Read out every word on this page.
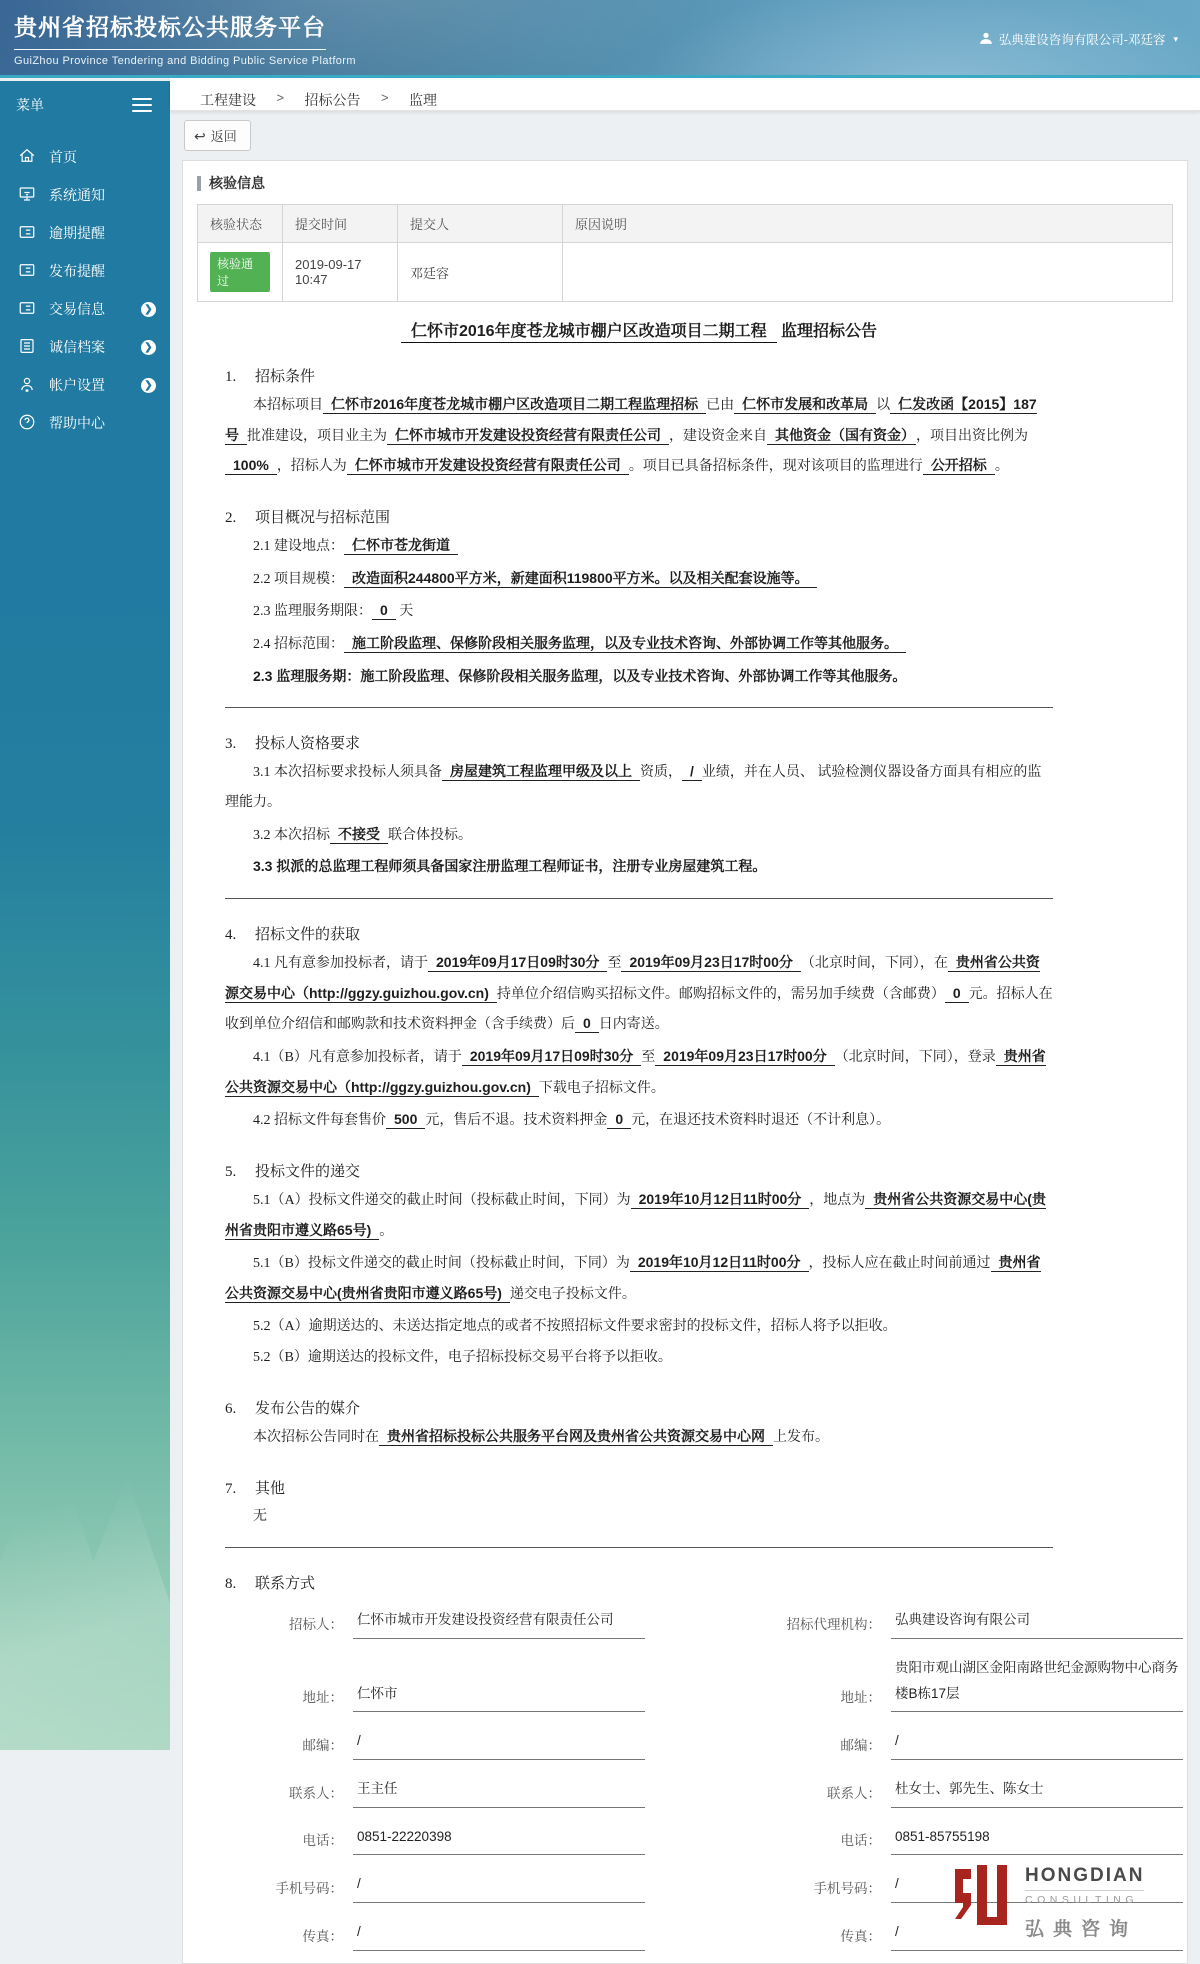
贵州省招标投标公共服务平台
GuiZhou Province Tendering and Bidding Public Service Platform
弘典建设咨询有限公司-邓廷容 ▾
菜单
首页
系统通知
逾期提醒
发布提醒
交易信息	❯
诚信档案	❯
帐户设置	❯
帮助中心
工程建设 > 招标公告 > 监理
↩ 返回
核验信息
核验状态	提交时间	提交人	原因说明
核验通过	2019-09-17 10:47	邓廷容	
仁怀市2016年度苍龙城市棚户区改造项目二期工程 监理招标公告
1. 招标条件

本招标项目 仁怀市2016年度苍龙城市棚户区改造项目二期工程监理招标 已由 仁怀市发展和改革局 以 仁发改函【2015】187号 批准建设，项目业主为 仁怀市城市开发建设投资经营有限责任公司 ，建设资金来自 其他资金（国有资金） ，项目出资比例为100% ，招标人为 仁怀市城市开发建设投资经营有限责任公司 。项目已具备招标条件，现对该项目的监理进行 公开招标 。

2. 项目概况与招标范围

2.1 建设地点： 仁怀市苍龙街道

2.2 项目规模： 改造面积244800平方米，新建面积119800平方米。以及相关配套设施等。

2.3 监理服务期限： 0 天

2.4 招标范围： 施工阶段监理、保修阶段相关服务监理，以及专业技术咨询、外部协调工作等其他服务。

2.3 监理服务期：施工阶段监理、保修阶段相关服务监理，以及专业技术咨询、外部协调工作等其他服务。

3. 投标人资格要求

3.1 本次招标要求投标人须具备 房屋建筑工程监理甲级及以上 资质， / 业绩，并在人员、 试验检测仪器设备方面具有相应的监理能力。

3.2 本次招标 不接受 联合体投标。

3.3 拟派的总监理工程师须具备国家注册监理工程师证书，注册专业房屋建筑工程。

4. 招标文件的获取

4.1 凡有意参加投标者，请于 2019年09月17日09时30分 至 2019年09月23日17时00分 （北京时间，下同），在 贵州省公共资源交易中心（http://ggzy.guizhou.gov.cn) 持单位介绍信购买招标文件。邮购招标文件的，需另加手续费（含邮费） 0 元。招标人在收到单位介绍信和邮购款和技术资料押金（含手续费）后 0 日内寄送。

4.1（B）凡有意参加投标者，请于 2019年09月17日09时30分 至 2019年09月23日17时00分 （北京时间，下同），登录 贵州省公共资源交易中心（http://ggzy.guizhou.gov.cn) 下载电子招标文件。

4.2 招标文件每套售价 500 元，售后不退。技术资料押金 0 元，在退还技术资料时退还（不计利息）。

5. 投标文件的递交

5.1（A）投标文件递交的截止时间（投标截止时间，下同）为 2019年10月12日11时00分 ，地点为 贵州省公共资源交易中心(贵州省贵阳市遵义路65号) 。

5.1（B）投标文件递交的截止时间（投标截止时间，下同）为 2019年10月12日11时00分 ，投标人应在截止时间前通过 贵州省公共资源交易中心(贵州省贵阳市遵义路65号) 递交电子投标文件。

5.2（A）逾期送达的、未送达指定地点的或者不按照招标文件要求密封的投标文件，招标人将予以拒收。

5.2（B）逾期送达的投标文件，电子招标投标交易平台将予以拒收。

6. 发布公告的媒介

本次招标公告同时在 贵州省招标投标公共服务平台网及贵州省公共资源交易中心网 上发布。

7. 其他

无

8. 联系方式
招标人：	仁怀市城市开发建设投资经营有限责任公司	招标代理机构：	弘典建设咨询有限公司
地址：	仁怀市	地址：
贵阳市观山湖区金阳南路世纪金源购物中心商务楼B栋17层
邮编：	/	邮编：	/
联系人：	王主任	联系人：	杜女士、郭先生、陈女士
电话：	0851-22220398	电话：	0851-85755198
手机号码：	/	手机号码：	/
传真：	/	传真：	/
HONGDIAN
CONSULTING
弘典咨询
